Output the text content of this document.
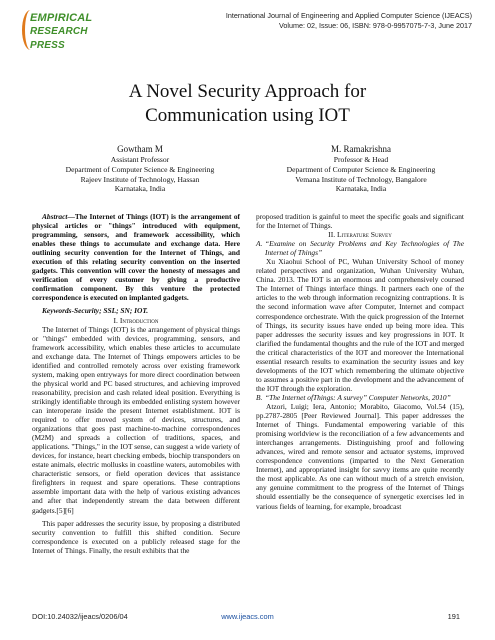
EMPIRICAL
RESEARCH
PRESS
International Journal of Engineering and Applied Computer Science (IJEACS)
Volume: 02, Issue: 06, ISBN: 978-0-9957075-7-3, June 2017
A Novel Security Approach for
Communication using IOT
Gowtham M
Assistant Professor
Department of Computer Science & Engineering
Rajeev Institute of Technology, Hassan
Karnataka, India
M. Ramakrishna
Professor & Head
Department of Computer Science & Engineering
Vemana Institute of Technology, Bangalore
Karnataka, India

Abstract—The Internet of Things (IOT) is the arrangement of physical articles or "things" introduced with equipment, programming, sensors, and framework accessibility, which enables these things to accumulate and exchange data. Here outlining security convention for the Internet of Things, and execution of this relating security convention on the inserted gadgets. This convention will cover the honesty of messages and verification of every customer by giving a productive confirmation component. By this venture the protected correspondence is executed on implanted gadgets.

Keywords-Security; SSL; SN; IOT.

I. Introduction

The Internet of Things (IOT) is the arrangement of physical things or "things" embedded with devices, programming, sensors, and framework accessibility, which enables these articles to accumulate and exchange data. The Internet of Things empowers articles to be identified and controlled remotely across over existing framework system, making open entryways for more direct coordination between the physical world and PC based structures, and achieving improved reasonability, precision and cash related ideal position. Everything is strikingly identifiable through its embedded enlisting system however can interoperate inside the present Internet establishment. IOT is required to offer moved system of devices, structures, and organizations that goes past machine-to-machine correspondences (M2M) and spreads a collection of traditions, spaces, and applications. "Things," in the IOT sense, can suggest a wide variety of devices, for instance, heart checking embeds, biochip transponders on estate animals, electric mollusks in coastline waters, automobiles with characteristic sensors, or field operation devices that assistance firefighters in request and spare operations. These contraptions assemble important data with the help of various existing advances and after that independently stream the data between different gadgets.[5][6]

This paper addresses the security issue, by proposing a distributed security convention to fulfill this shifted condition. Secure correspondence is executed on a publicly released stage for the Internet of Things. Finally, the result exhibits that the

proposed tradition is gainful to meet the specific goals and significant for the Internet of Things.

II. Literature Survey

A. “Examine on Security Problems and Key Technologies of The Internet of Things”

Xu Xiaohui School of PC, Wuhan University School of money related perspectives and organization, Wuhan University Wuhan, China. 2013. The IOT is an enormous and comprehensively coursed The Internet of Things interface things. It partners each one of the articles to the web through information recognizing contraptions. It is the second information wave after Computer, Internet and compact correspondence orchestrate. With the quick progression of the Internet of Things, its security issues have ended up being more idea. This paper addresses the security issues and key progressions in IOT. It clarified the fundamental thoughts and the rule of the IOT and merged the critical characteristics of the IOT and moreover the International essential research results to examination the security issues and key developments of the IOT which remembering the ultimate objective to assumes a positive part in the development and the advancement of the IOT through the exploration.

B. “The Internet ofThings: A survey” Computer Networks, 2010”

Atzori, Luigi; Iera, Antonio; Morabito, Giacomo, Vol.54 (15), pp.2787-2805 [Peer Reviewed Journal]. This paper addresses the Internet of Things. Fundamental empowering variable of this promising worldview is the reconciliation of a few advancements and interchanges arrangements. Distinguishing proof and following advances, wired and remote sensor and actuator systems, improved correspondence conventions (imparted to the Next Generation Internet), and appropriated insight for savvy items are quite recently the most applicable. As one can without much of a stretch envision, any genuine commitment to the progress of the Internet of Things should essentially be the consequence of synergetic exercises led in various fields of learning, for example, broadcast

DOI:10.24032/ijeacs/0206/04	www.ijeacs.com	191
